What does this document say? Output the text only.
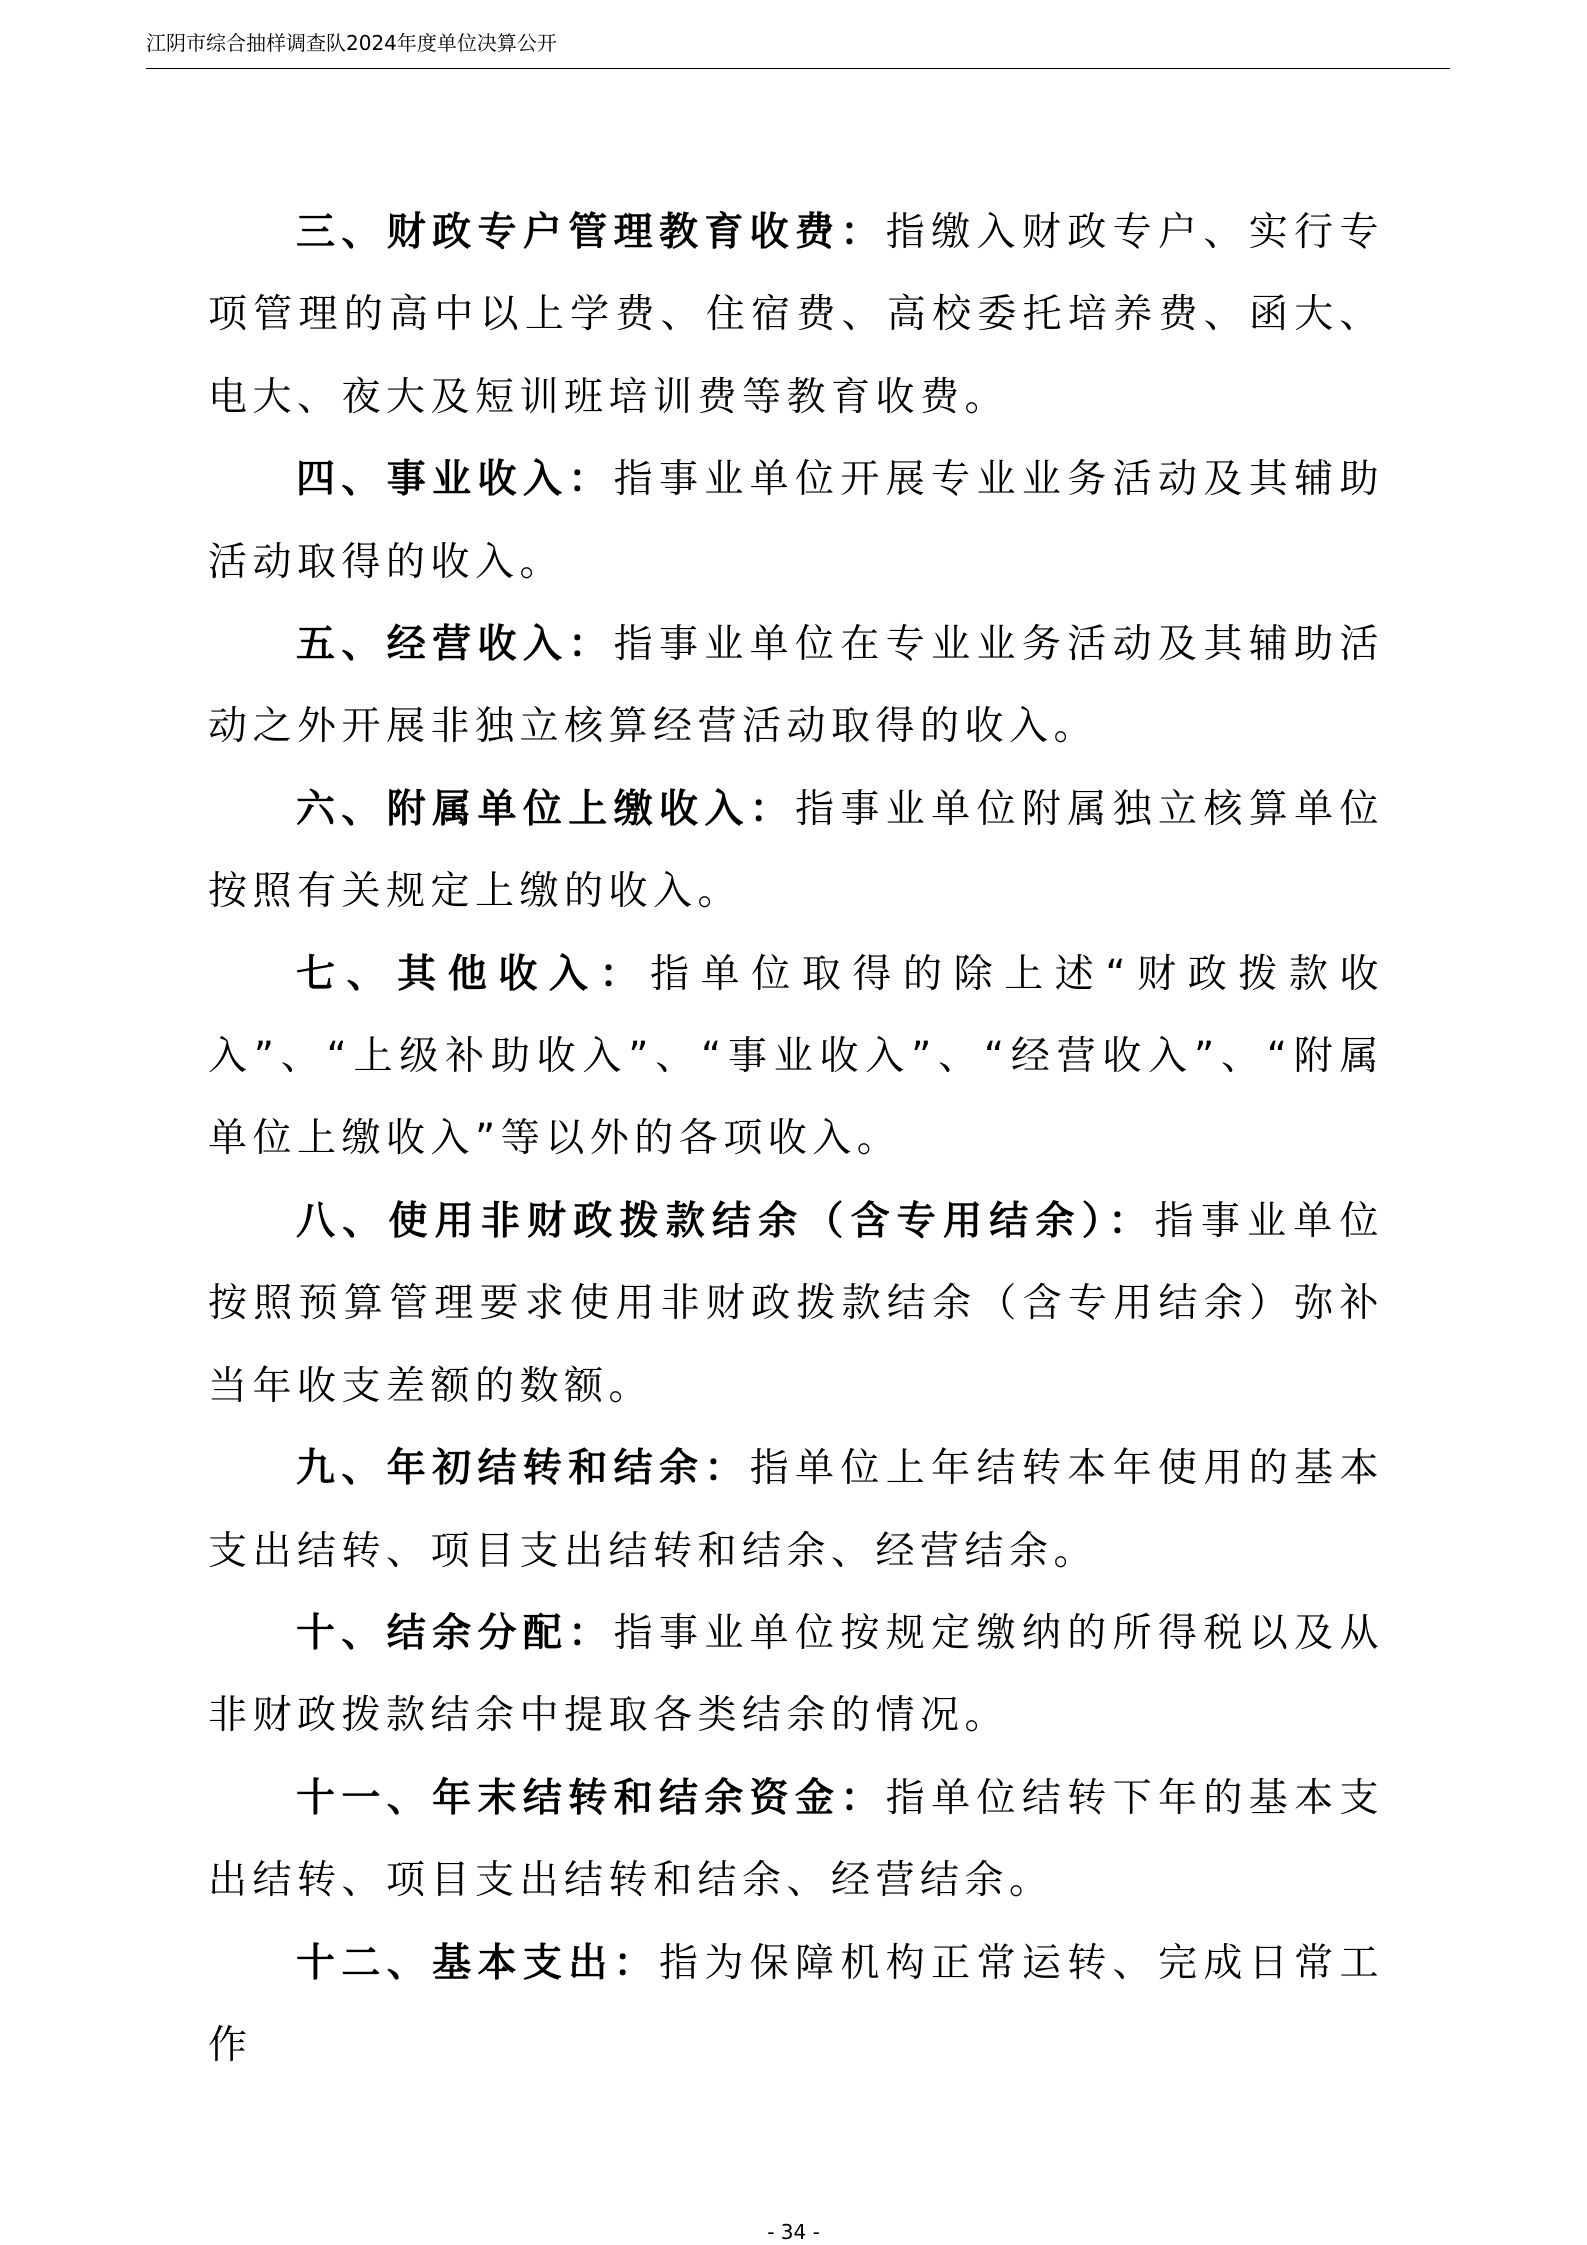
江阴市综合抽样调查队2024年度单位决算公开

三、财政专户管理教育收费：指缴入财政专户、实行专项管理的高中以上学费、住宿费、高校委托培养费、函大、电大、夜大及短训班培训费等教育收费。

四、事业收入：指事业单位开展专业业务活动及其辅助活动取得的收入。

五、经营收入：指事业单位在专业业务活动及其辅助活动之外开展非独立核算经营活动取得的收入。

六、附属单位上缴收入：指事业单位附属独立核算单位按照有关规定上缴的收入。

七、其他收入：指单位取得的除上述“财政拨款收入”、“上级补助收入”、“事业收入”、“经营收入”、“附属单位上缴收入”等以外的各项收入。

八、使用非财政拨款结余（含专用结余）：指事业单位按照预算管理要求使用非财政拨款结余（含专用结余）弥补当年收支差额的数额。

九、年初结转和结余：指单位上年结转本年使用的基本支出结转、项目支出结转和结余、经营结余。

十、结余分配：指事业单位按规定缴纳的所得税以及从非财政拨款结余中提取各类结余的情况。

十一、年末结转和结余资金：指单位结转下年的基本支出结转、项目支出结转和结余、经营结余。

十二、基本支出：指为保障机构正常运转、完成日常工作

- 34 -
